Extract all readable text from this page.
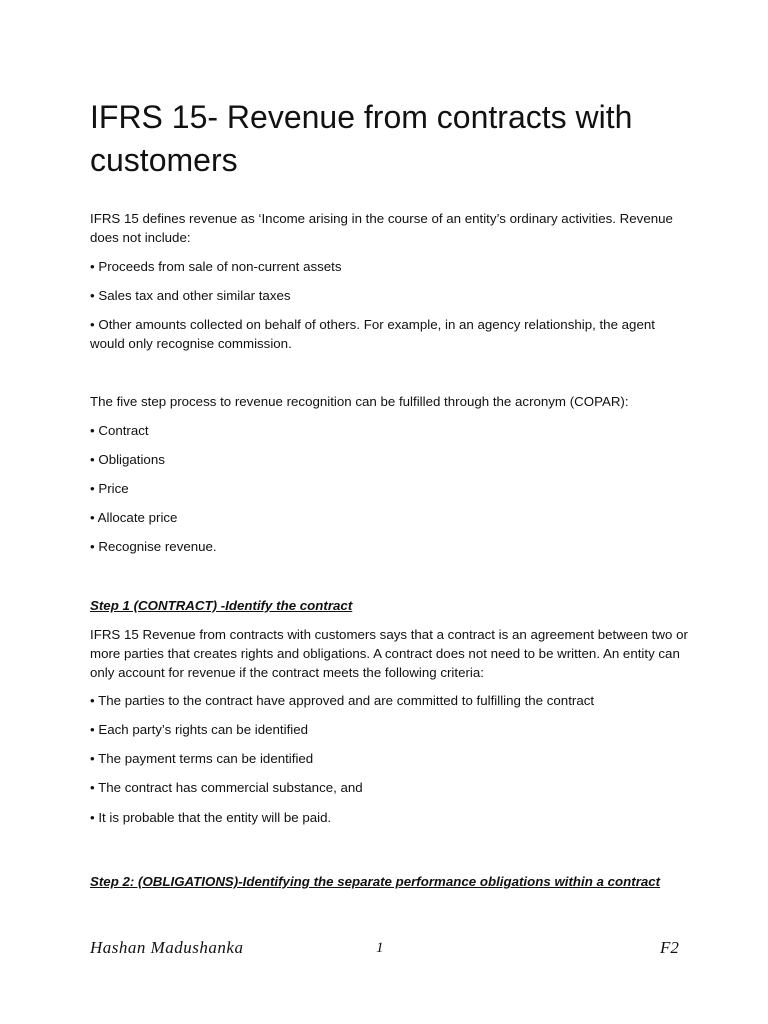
IFRS 15- Revenue from contracts with customers

IFRS 15 defines revenue as ‘Income arising in the course of an entity’s ordinary activities. Revenue does not include:

• Proceeds from sale of non-current assets

• Sales tax and other similar taxes

• Other amounts collected on behalf of others. For example, in an agency relationship, the agent would only recognise commission.

The five step process to revenue recognition can be fulfilled through the acronym (COPAR):

• Contract

• Obligations

• Price

• Allocate price

• Recognise revenue.

Step 1 (CONTRACT) -Identify the contract

IFRS 15 Revenue from contracts with customers says that a contract is an agreement between two or more parties that creates rights and obligations. A contract does not need to be written. An entity can only account for revenue if the contract meets the following criteria:

• The parties to the contract have approved and are committed to fulfilling the contract

• Each party’s rights can be identified

• The payment terms can be identified

• The contract has commercial substance, and

• It is probable that the entity will be paid.

Step 2: (OBLIGATIONS)-Identifying the separate performance obligations within a contract

Hashan Madushanka	1	F2
